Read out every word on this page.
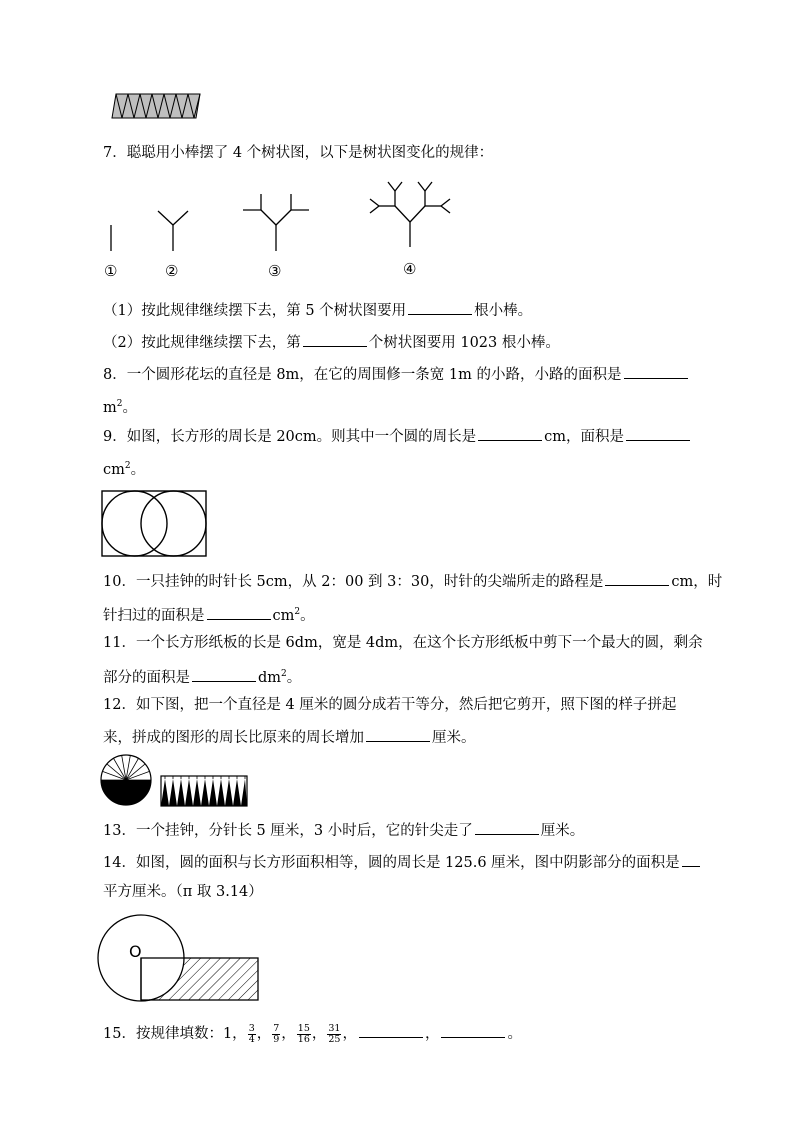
7．聪聪用小棒摆了 4 个树状图，以下是树状图变化的规律：
①	②	③	④
（1）按此规律继续摆下去，第 5 个树状图要用	根小棒。
（2）按此规律继续摆下去，第	个树状图要用 1023 根小棒。
8．一个圆形花坛的直径是 8m，在它的周围修一条宽 1m 的小路，小路的面积是
$m^2$。
9．如图，长方形的周长是 20cm。则其中一个圆的周长是	cm，面积是
$cm^2$。
10．一只挂钟的时针长 5cm，从 2：00 到 3：30，时针的尖端所走的路程是	cm，时
针扫过的面积是	$cm^2$。
11．一个长方形纸板的长是 6dm，宽是 4dm，在这个长方形纸板中剪下一个最大的圆，剩余
部分的面积是	$dm^2$。
12．如下图，把一个直径是 4 厘米的圆分成若干等分，然后把它剪开，照下图的样子拼起
来，拼成的图形的周长比原来的周长增加	厘米。
13．一个挂钟，分针长 5 厘米，3 小时后，它的针尖走了	厘米。
14．如图，圆的面积与长方形面积相等，圆的周长是 125.6 厘米，图中阴影部分的面积是
平方厘米。（π 取 3.14）
O
15．按规律填数：1， $\frac{3}{4}$ ， $\frac{7}{9}$ ， $\frac{15}{16}$ ， $\frac{31}{25}$ ，	，	。
